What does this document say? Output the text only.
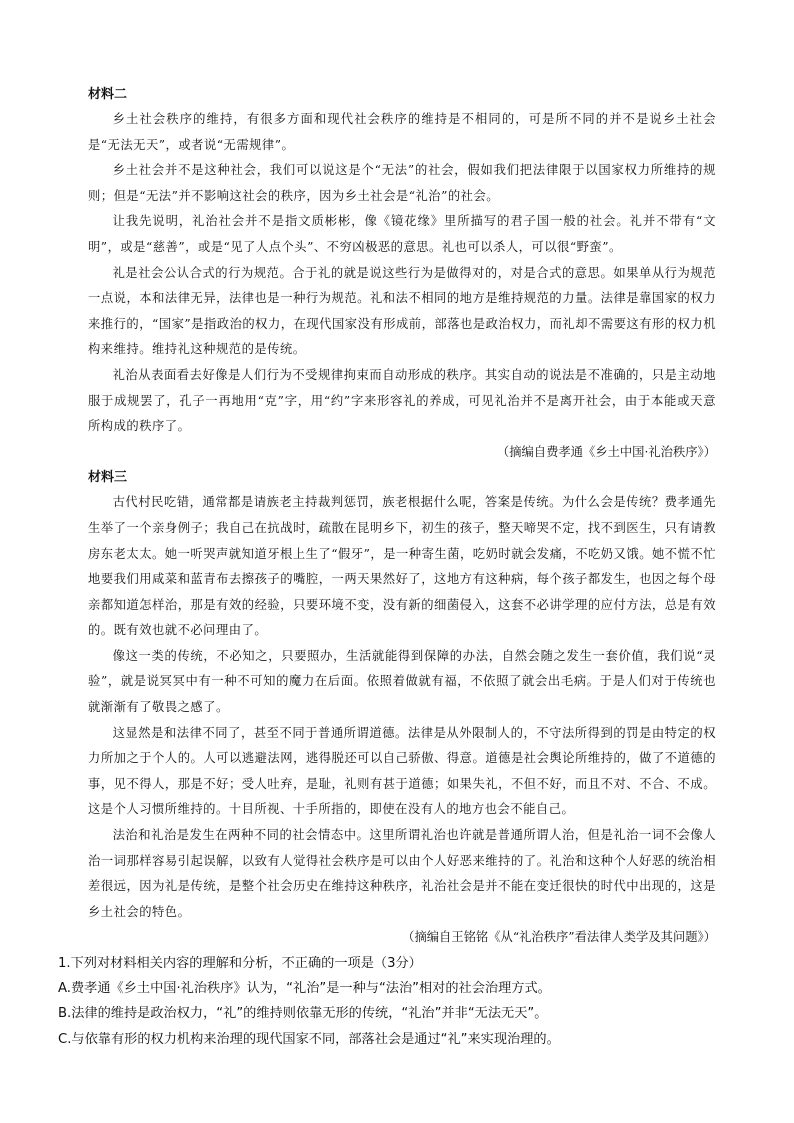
材料二

乡土社会秩序的维持，有很多方面和现代社会秩序的维持是不相同的，可是所不同的并不是说乡土社会是“无法无天”，或者说“无需规律”。

乡土社会并不是这种社会，我们可以说这是个“无法”的社会，假如我们把法律限于以国家权力所维持的规则；但是“无法”并不影响这社会的秩序，因为乡土社会是“礼治”的社会。

让我先说明，礼治社会并不是指文质彬彬，像《镜花缘》里所描写的君子国一般的社会。礼并不带有“文明”，或是“慈善”，或是“见了人点个头”、不穷凶极恶的意思。礼也可以杀人，可以很“野蛮”。

礼是社会公认合式的行为规范。合于礼的就是说这些行为是做得对的，对是合式的意思。如果单从行为规范一点说，本和法律无异，法律也是一种行为规范。礼和法不相同的地方是维持规范的力量。法律是靠国家的权力来推行的，“国家”是指政治的权力，在现代国家没有形成前，部落也是政治权力，而礼却不需要这有形的权力机构来维持。维持礼这种规范的是传统。

礼治从表面看去好像是人们行为不受规律拘束而自动形成的秩序。其实自动的说法是不准确的，只是主动地服于成规罢了，孔子一再地用“克”字，用“约”字来形容礼的养成，可见礼治并不是离开社会，由于本能或天意所构成的秩序了。

（摘编自费孝通《乡土中国·礼治秩序》）

材料三

古代村民吃错，通常都是请族老主持裁判惩罚，族老根据什么呢，答案是传统。为什么会是传统？费孝通先生举了一个亲身例子；我自己在抗战时，疏散在昆明乡下，初生的孩子，整天啼哭不定，找不到医生，只有请教房东老太太。她一听哭声就知道牙根上生了“假牙”，是一种寄生菌，吃奶时就会发痛，不吃奶又饿。她不慌不忙地要我们用咸菜和蓝青布去擦孩子的嘴腔，一两天果然好了，这地方有这种病，每个孩子都发生，也因之每个母亲都知道怎样治，那是有效的经验，只要环境不变，没有新的细菌侵入，这套不必讲学理的应付方法，总是有效的。既有效也就不必问理由了。

像这一类的传统，不必知之，只要照办，生活就能得到保障的办法，自然会随之发生一套价值，我们说“灵验”，就是说冥冥中有一种不可知的魔力在后面。依照着做就有福，不依照了就会出毛病。于是人们对于传统也就渐渐有了敬畏之感了。

这显然是和法律不同了，甚至不同于普通所谓道德。法律是从外限制人的，不守法所得到的罚是由特定的权力所加之于个人的。人可以逃避法网，逃得脱还可以自己骄傲、得意。道德是社会舆论所维持的，做了不道德的事，见不得人，那是不好；受人吐弃，是耻，礼则有甚于道德；如果失礼，不但不好，而且不对、不合、不成。这是个人习惯所维持的。十目所视、十手所指的，即使在没有人的地方也会不能自己。

法治和礼治是发生在两种不同的社会情态中。这里所谓礼治也许就是普通所谓人治，但是礼治一词不会像人治一词那样容易引起误解，以致有人觉得社会秩序是可以由个人好恶来维持的了。礼治和这种个人好恶的统治相差很远，因为礼是传统，是整个社会历史在维持这种秩序，礼治社会是并不能在变迁很快的时代中出现的，这是乡土社会的特色。

（摘编自王铭铭《从“礼治秩序”看法律人类学及其问题》）

1.下列对材料相关内容的理解和分析，不正确的一项是（3分）

A.费孝通《乡土中国·礼治秩序》认为，“礼治”是一种与“法治”相对的社会治理方式。

B.法律的维持是政治权力，“礼”的维持则依靠无形的传统，“礼治”并非“无法无天”。

C.与依靠有形的权力机构来治理的现代国家不同，部落社会是通过“礼”来实现治理的。
